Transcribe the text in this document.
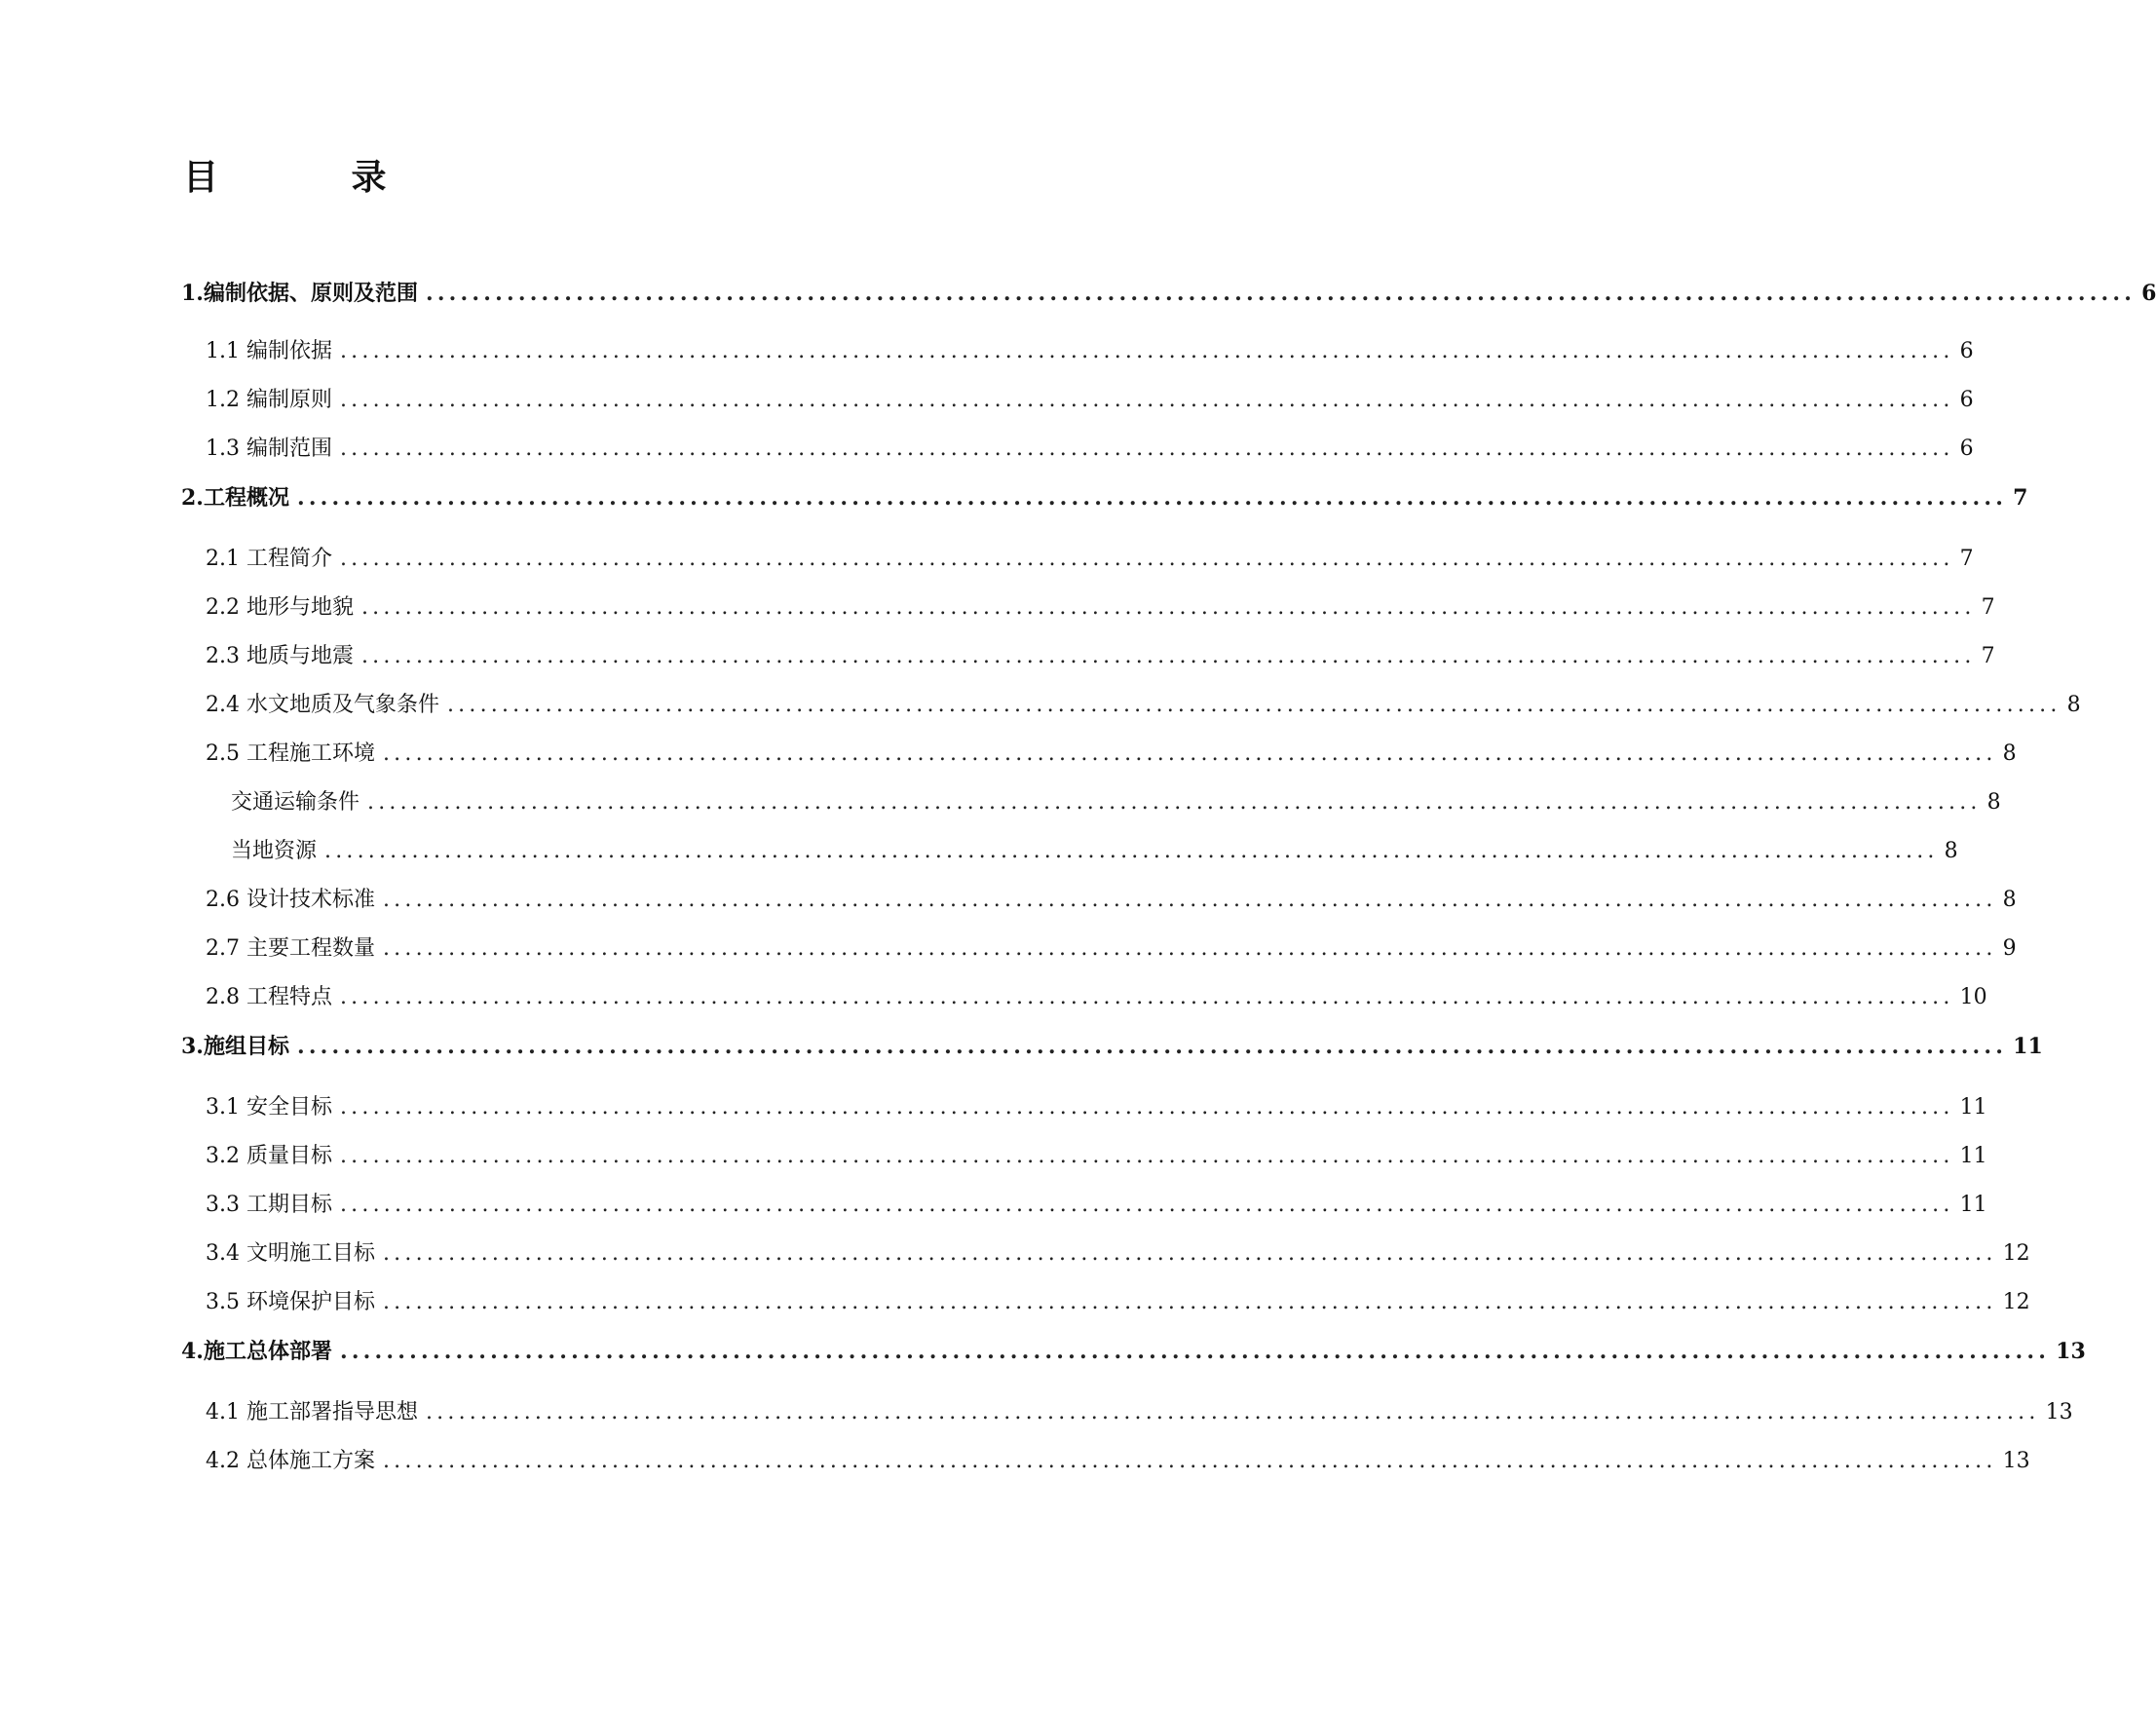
目 录
1.编制依据、原则及范围 .................................................................................................................................................... 6
1.1 编制依据 .................................................................................................................................................... 6
1.2 编制原则 .................................................................................................................................................... 6
1.3 编制范围 .................................................................................................................................................... 6
2.工程概况 .................................................................................................................................................... 7
2.1 工程简介 .................................................................................................................................................... 7
2.2 地形与地貌 .................................................................................................................................................... 7
2.3 地质与地震 .................................................................................................................................................... 7
2.4 水文地质及气象条件 .................................................................................................................................................... 8
2.5 工程施工环境 .................................................................................................................................................... 8
交通运输条件 .................................................................................................................................................... 8
当地资源 .................................................................................................................................................... 8
2.6 设计技术标准 .................................................................................................................................................... 8
2.7 主要工程数量 .................................................................................................................................................... 9
2.8 工程特点 .................................................................................................................................................... 10
3.施组目标 .................................................................................................................................................... 11
3.1 安全目标 .................................................................................................................................................... 11
3.2 质量目标 .................................................................................................................................................... 11
3.3 工期目标 .................................................................................................................................................... 11
3.4 文明施工目标 .................................................................................................................................................... 12
3.5 环境保护目标 .................................................................................................................................................... 12
4.施工总体部署 .................................................................................................................................................... 13
4.1 施工部署指导思想 .................................................................................................................................................... 13
4.2 总体施工方案 .................................................................................................................................................... 13
